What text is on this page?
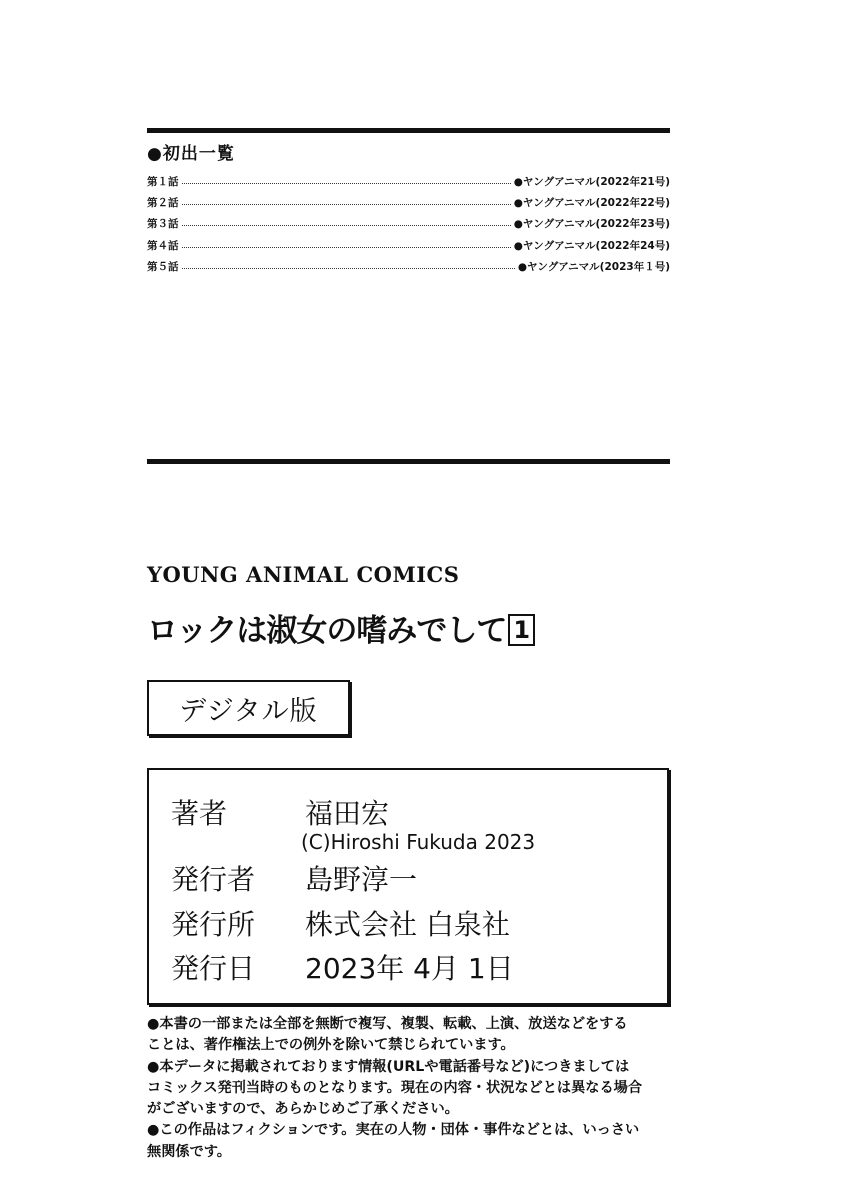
●初出一覧
第１話	●ヤングアニマル(2022年21号)
第２話	●ヤングアニマル(2022年22号)
第３話	●ヤングアニマル(2022年23号)
第４話	●ヤングアニマル(2022年24号)
第５話	●ヤングアニマル(2023年１号)
YOUNG ANIMAL COMICS
ロックは淑女の嗜みでして 1
デジタル版
著者	福田宏
(C)Hiroshi Fukuda 2023
発行者 島野淳一
発行所 株式会社 白泉社
発行日 2023年 4月 1日

●本書の一部または全部を無断で複写、複製、転載、上演、放送などをする

ことは、著作権法上での例外を除いて禁じられています。

●本データに掲載されております情報(URLや電話番号など)につきましては

コミックス発刊当時のものとなります。現在の内容・状況などとは異なる場合

がございますので、あらかじめご了承ください。

●この作品はフィクションです。実在の人物・団体・事件などとは、いっさい

無関係です。
